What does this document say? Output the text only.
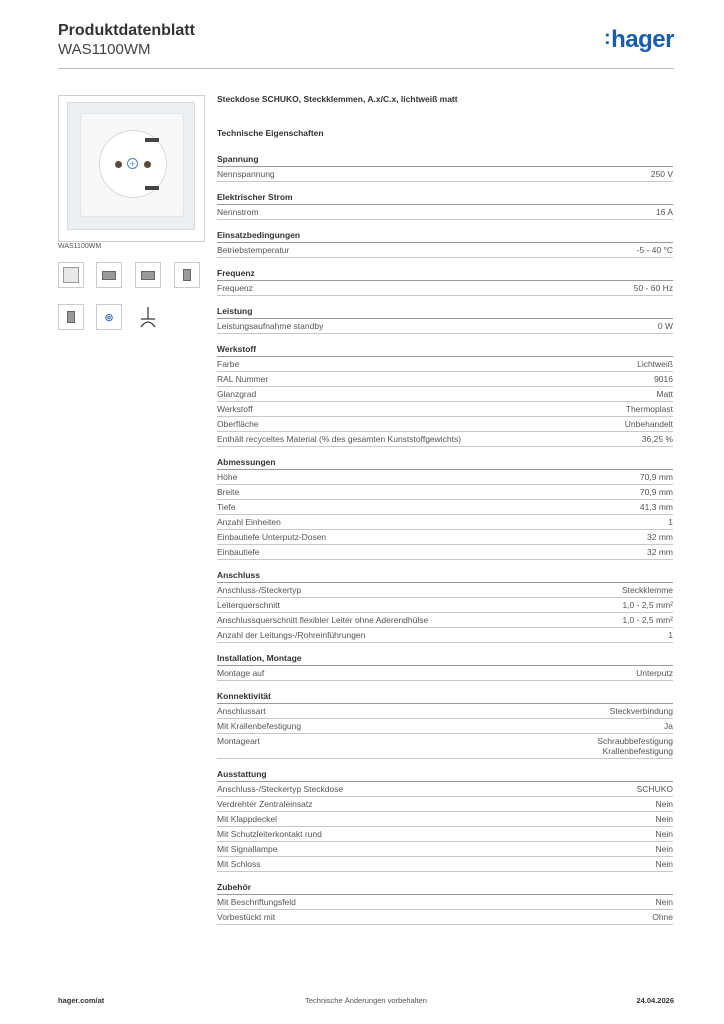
Produktdatenblatt
WAS1100WM
:hager
+
WAS1100WM
◎

Steckdose SCHUKO, Steckklemmen, A.x/C.x, lichtweiß matt

Technische Eigenschaften

Spannung
Nennspannung	250 V
Elektrischer Strom
Nennstrom	16 A
Einsatzbedingungen
Betriebstemperatur	-5 - 40 °C
Frequenz
Frequenz	50 - 60 Hz
Leistung
Leistungsaufnahme standby	0 W
Werkstoff
Farbe	Lichtweiß
RAL Nummer	9016
Glanzgrad	Matt
Werkstoff	Thermoplast
Oberfläche	Unbehandelt
Enthält recyceltes Material (% des gesamten Kunststoffgewichts)	36,25 %
Abmessungen
Höhe	70,9 mm
Breite	70,9 mm
Tiefe	41,3 mm
Anzahl Einheiten	1
Einbautiefe Unterputz-Dosen	32 mm
Einbautiefe	32 mm
Anschluss
Anschluss-/Steckertyp	Steckklemme
Leiterquerschnitt	1,0 - 2,5 mm²
Anschlussquerschnitt flexibler Leiter ohne Aderendhülse	1,0 - 2,5 mm²
Anzahl der Leitungs-/Rohreinführungen	1
Installation, Montage
Montage auf	Unterputz
Konnektivität
Anschlussart	Steckverbindung
Mit Krallenbefestigung	Ja
Montageart	Schraubbefestigung
Krallenbefestigung
Ausstattung
Anschluss-/Steckertyp Steckdose	SCHUKO
Verdrehter Zentraleinsatz	Nein
Mit Klappdeckel	Nein
Mit Schutzleiterkontakt rund	Nein
Mit Signallampe	Nein
Mit Schloss	Nein
Zubehör
Mit Beschriftungsfeld	Nein
Vorbestückt mit	Ohne
hager.com/at	Technische Änderungen vorbehalten	24.04.2026
